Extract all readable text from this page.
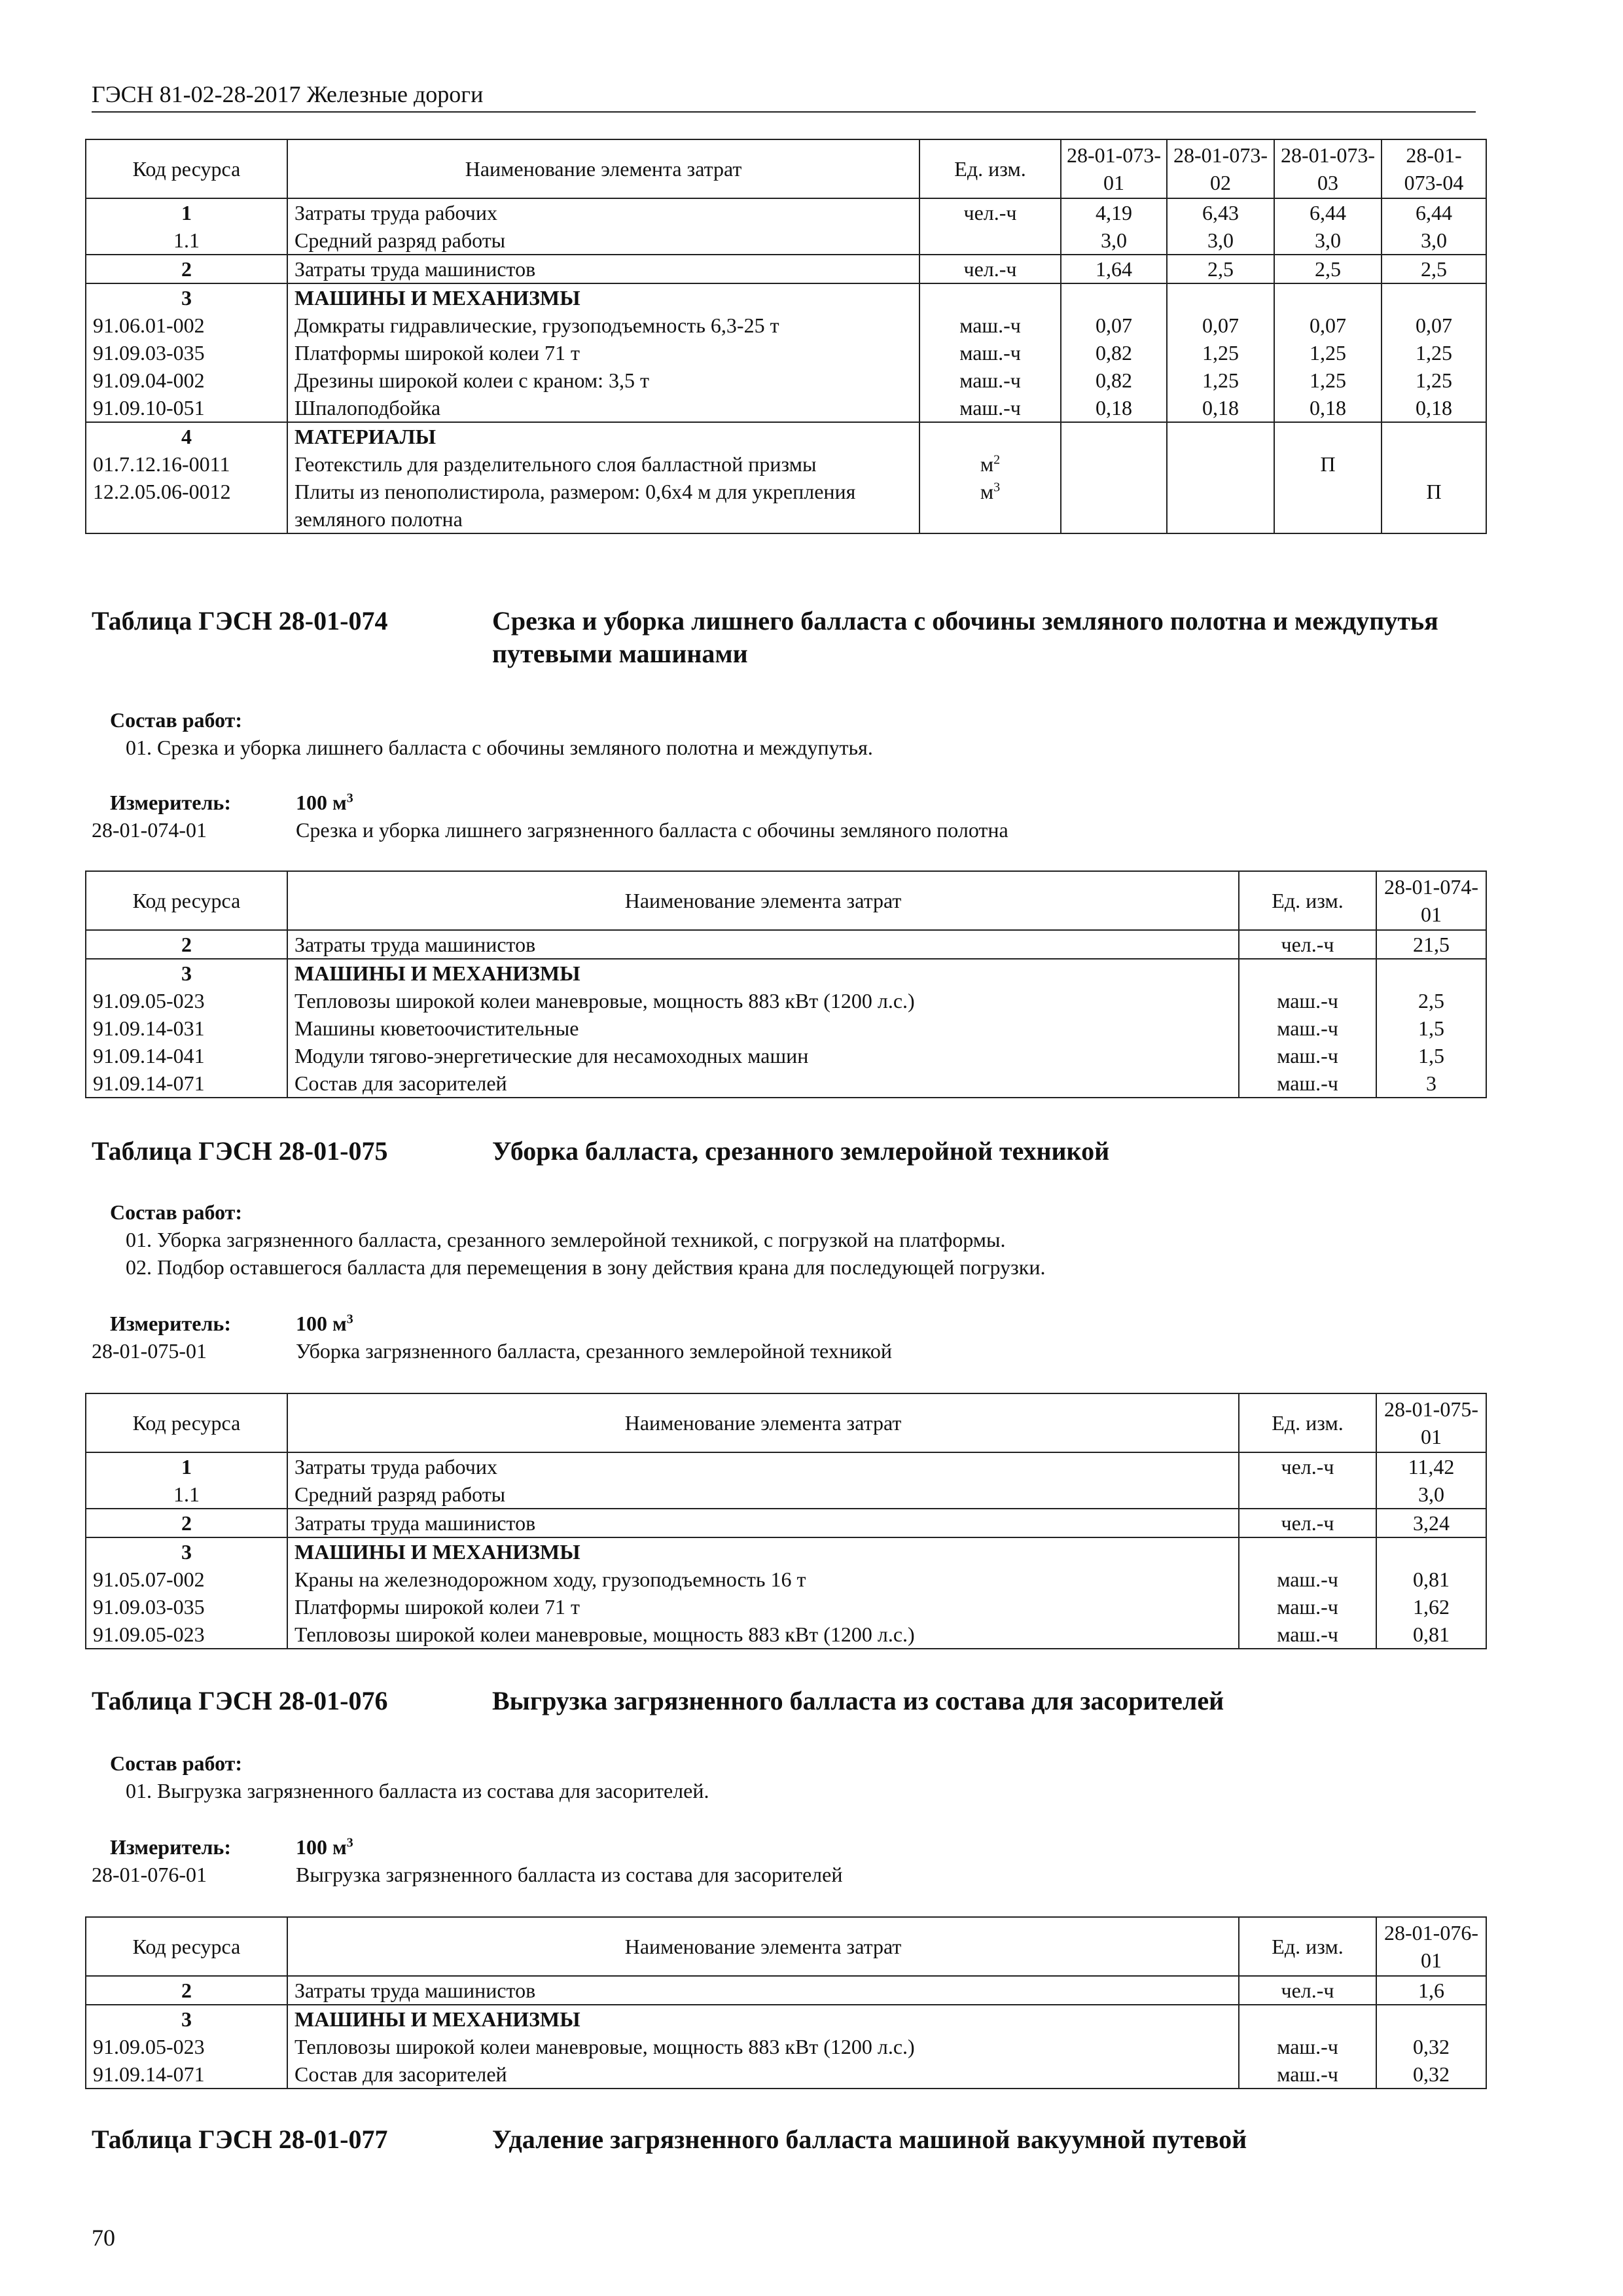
ГЭСН 81-02-28-2017 Железные дороги
Код ресурса	Наименование элемента затрат	Ед. изм.	28-01-073-01	28-01-073-02	28-01-073-03	28-01-073-04
1	Затраты труда рабочих	чел.-ч	4,19	6,43	6,44	6,44
1.1	Средний разряд работы		3,0	3,0	3,0	3,0
2	Затраты труда машинистов	чел.-ч	1,64	2,5	2,5	2,5
3	МАШИНЫ И МЕХАНИЗМЫ					
91.06.01-002	Домкраты гидравлические, грузоподъемность 6,3-25 т	маш.-ч	0,07	0,07	0,07	0,07
91.09.03-035	Платформы широкой колеи 71 т	маш.-ч	0,82	1,25	1,25	1,25
91.09.04-002	Дрезины широкой колеи с краном: 3,5 т	маш.-ч	0,82	1,25	1,25	1,25
91.09.10-051	Шпалоподбойка	маш.-ч	0,18	0,18	0,18	0,18
4	МАТЕРИАЛЫ					
01.7.12.16-0011	Геотекстиль для разделительного слоя балластной призмы	$м^2$			П	
12.2.05.06-0012	Плиты из пенополистирола, размером: 0,6х4 м для укрепления земляного полотна	$м^3$				П
Таблица ГЭСН 28-01-074	Срезка и уборка лишнего балласта с обочины земляного полотна и междупутья путевыми машинами
Состав работ:
01. Срезка и уборка лишнего балласта с обочины земляного полотна и междупутья.
Измеритель:	100 $м^3$
28-01-074-01	Срезка и уборка лишнего загрязненного балласта с обочины земляного полотна
Код ресурса	Наименование элемента затрат	Ед. изм.	28-01-074-01
2	Затраты труда машинистов	чел.-ч	21,5
3	МАШИНЫ И МЕХАНИЗМЫ		
91.09.05-023	Тепловозы широкой колеи маневровые, мощность 883 кВт (1200 л.с.)	маш.-ч	2,5
91.09.14-031	Машины кюветоочистительные	маш.-ч	1,5
91.09.14-041	Модули тягово-энергетические для несамоходных машин	маш.-ч	1,5
91.09.14-071	Состав для засорителей	маш.-ч	3
Таблица ГЭСН 28-01-075	Уборка балласта, срезанного землеройной техникой
Состав работ:
01. Уборка загрязненного балласта, срезанного землеройной техникой, с погрузкой на платформы.
02. Подбор оставшегося балласта для перемещения в зону действия крана для последующей погрузки.
Измеритель:	100 $м^3$
28-01-075-01	Уборка загрязненного балласта, срезанного землеройной техникой
Код ресурса	Наименование элемента затрат	Ед. изм.	28-01-075-01
1	Затраты труда рабочих	чел.-ч	11,42
1.1	Средний разряд работы		3,0
2	Затраты труда машинистов	чел.-ч	3,24
3	МАШИНЫ И МЕХАНИЗМЫ		
91.05.07-002	Краны на железнодорожном ходу, грузоподъемность 16 т	маш.-ч	0,81
91.09.03-035	Платформы широкой колеи 71 т	маш.-ч	1,62
91.09.05-023	Тепловозы широкой колеи маневровые, мощность 883 кВт (1200 л.с.)	маш.-ч	0,81
Таблица ГЭСН 28-01-076	Выгрузка загрязненного балласта из состава для засорителей
Состав работ:
01. Выгрузка загрязненного балласта из состава для засорителей.
Измеритель:	100 $м^3$
28-01-076-01	Выгрузка загрязненного балласта из состава для засорителей
Код ресурса	Наименование элемента затрат	Ед. изм.	28-01-076-01
2	Затраты труда машинистов	чел.-ч	1,6
3	МАШИНЫ И МЕХАНИЗМЫ		
91.09.05-023	Тепловозы широкой колеи маневровые, мощность 883 кВт (1200 л.с.)	маш.-ч	0,32
91.09.14-071	Состав для засорителей	маш.-ч	0,32
Таблица ГЭСН 28-01-077	Удаление загрязненного балласта машиной вакуумной путевой
70
